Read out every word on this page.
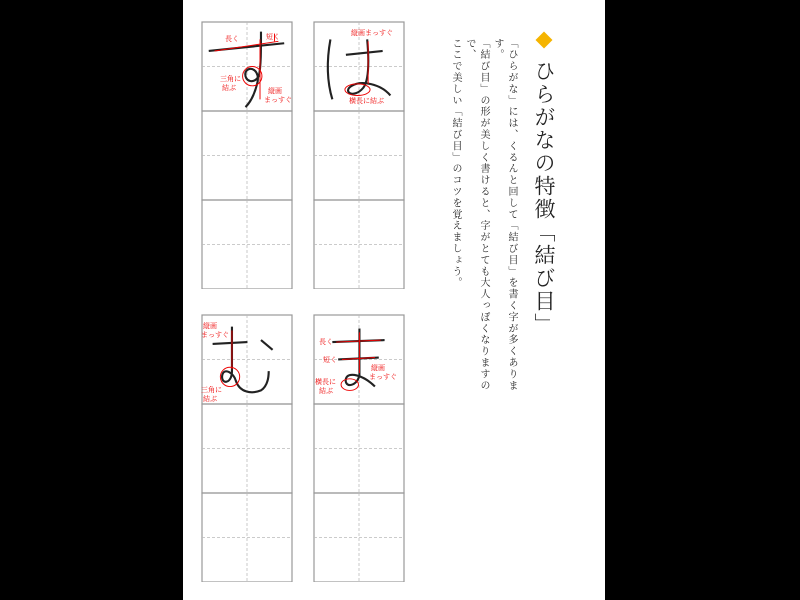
長く	短く
三角に
結ぶ	縦画
まっすぐ
縦画まっすぐ
横長に結ぶ
縦画
まっすぐ
三角に
結ぶ
長く
短く
縦画
まっすぐ
横長に
結ぶ
ひらがなの特徴「結び目」

「ひらがな」には、くるんと回して「結び目」を書く字が多くあります。

「結び目」の形が美しく書けると、字がとても大人っぽくなりますので、

ここで美しい「結び目」のコツを覚えましょう。
